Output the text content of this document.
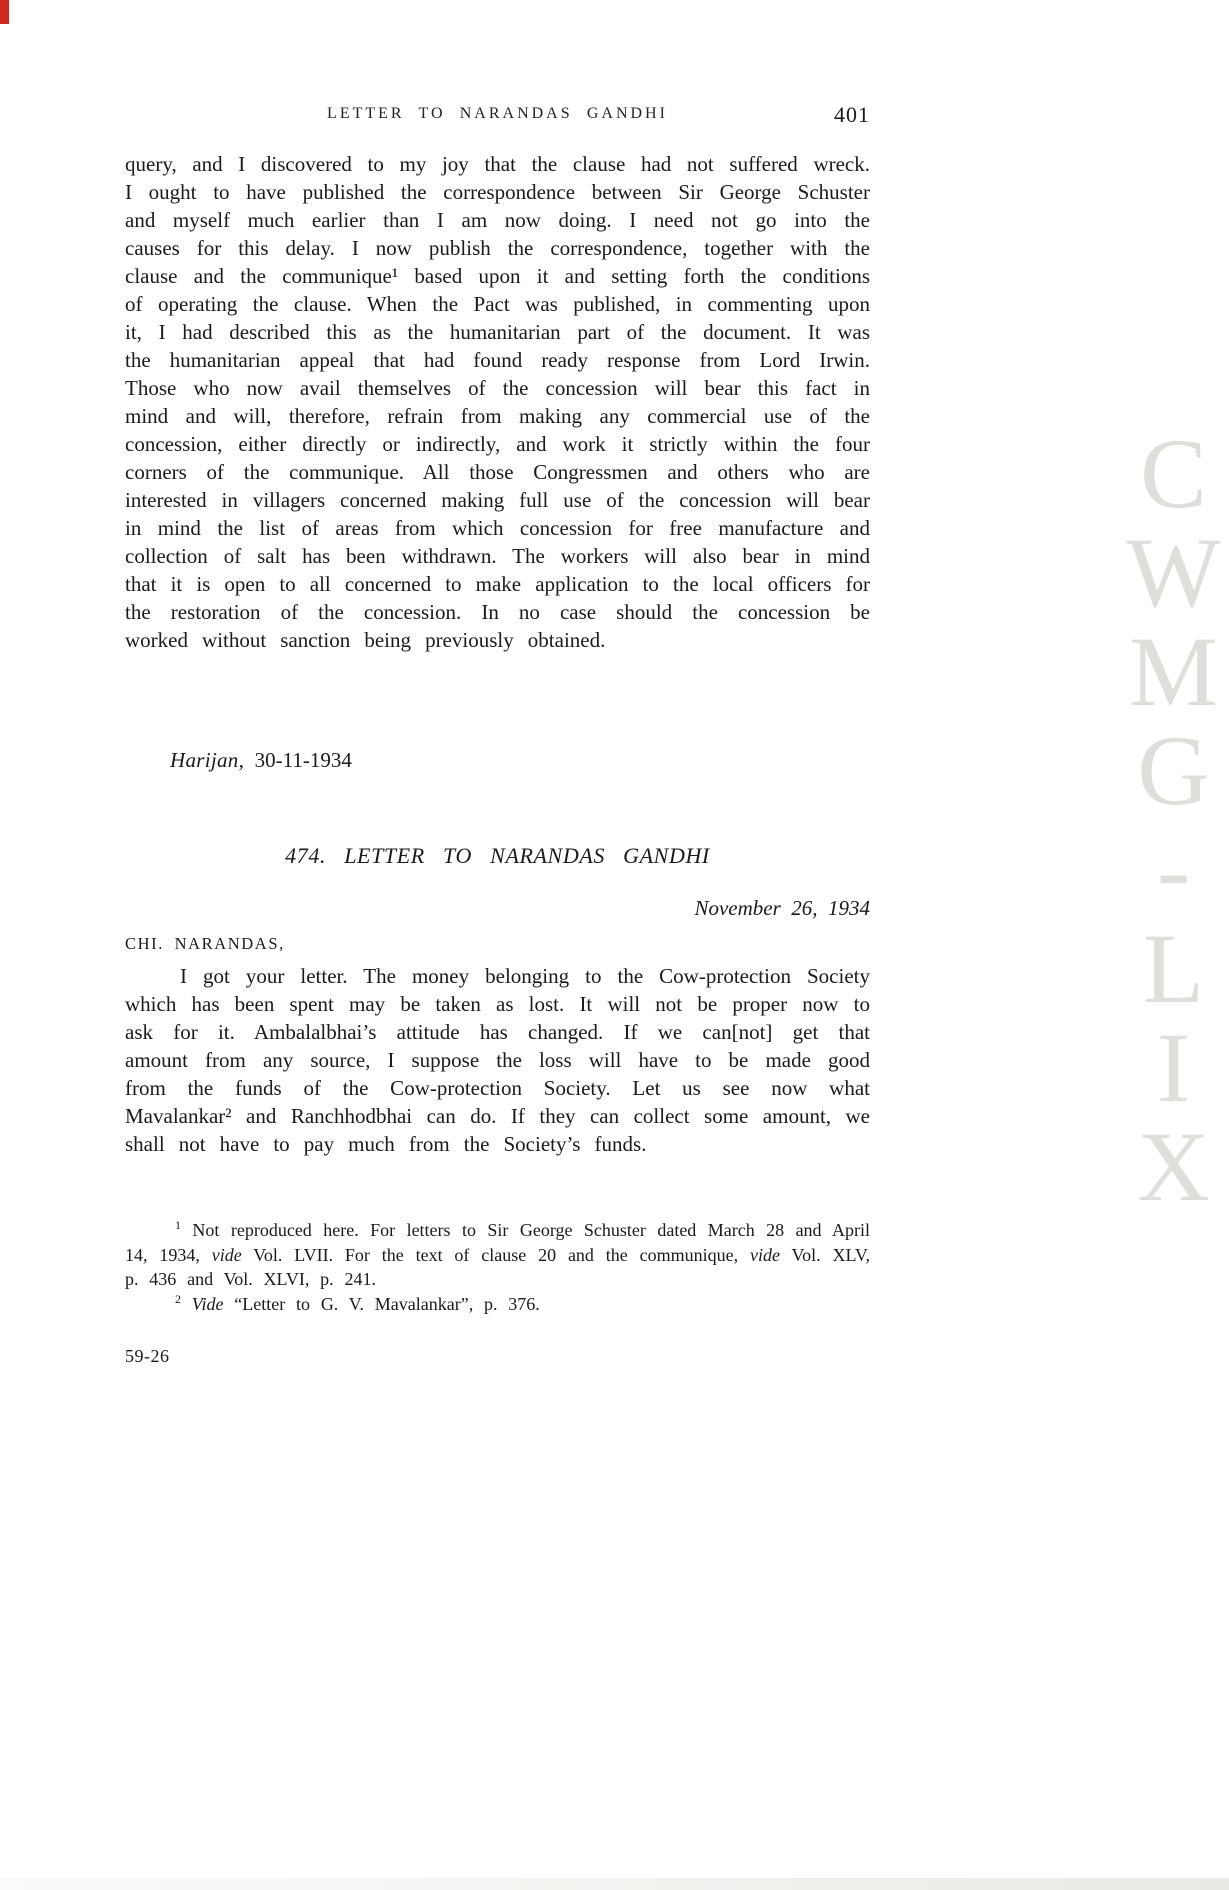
CWMG-LIX
LETTER TO NARANDAS GANDHI	401

query, and I discovered to my joy that the clause had not suffered wreck. I ought to have published the correspondence between Sir George Schuster and myself much earlier than I am now doing. I need not go into the causes for this delay. I now publish the correspondence, together with the clause and the communique¹ based upon it and setting forth the conditions of operating the clause. When the Pact was published, in commenting upon it, I had described this as the humanitarian part of the document. It was the humanitarian appeal that had found ready response from Lord Irwin. Those who now avail themselves of the concession will bear this fact in mind and will, therefore, refrain from making any commercial use of the concession, either directly or indirectly, and work it strictly within the four corners of the communique. All those Congressmen and others who are interested in villagers concerned making full use of the concession will bear in mind the list of areas from which concession for free manufacture and collection of salt has been withdrawn. The workers will also bear in mind that it is open to all concerned to make application to the local officers for the restoration of the concession. In no case should the concession be worked without sanction being previously obtained.

Harijan, 30-11-1934

474. LETTER TO NARANDAS GANDHI

November 26, 1934

CHI. NARANDAS,

I got your letter. The money belonging to the Cow-protection Society which has been spent may be taken as lost. It will not be proper now to ask for it. Ambalalbhai’s attitude has changed. If we can[not] get that amount from any source, I suppose the loss will have to be made good from the funds of the Cow-protection Society. Let us see now what Mavalankar² and Ranchhodbhai can do. If they can collect some amount, we shall not have to pay much from the Society’s funds.

$^1$ Not reproduced here. For letters to Sir George Schuster dated March 28 and April 14, 1934, vide Vol. LVII. For the text of clause 20 and the communique, vide Vol. XLV, p. 436 and Vol. XLVI, p. 241.

$^2$ Vide “Letter to G. V. Mavalankar”, p. 376.

59-26
